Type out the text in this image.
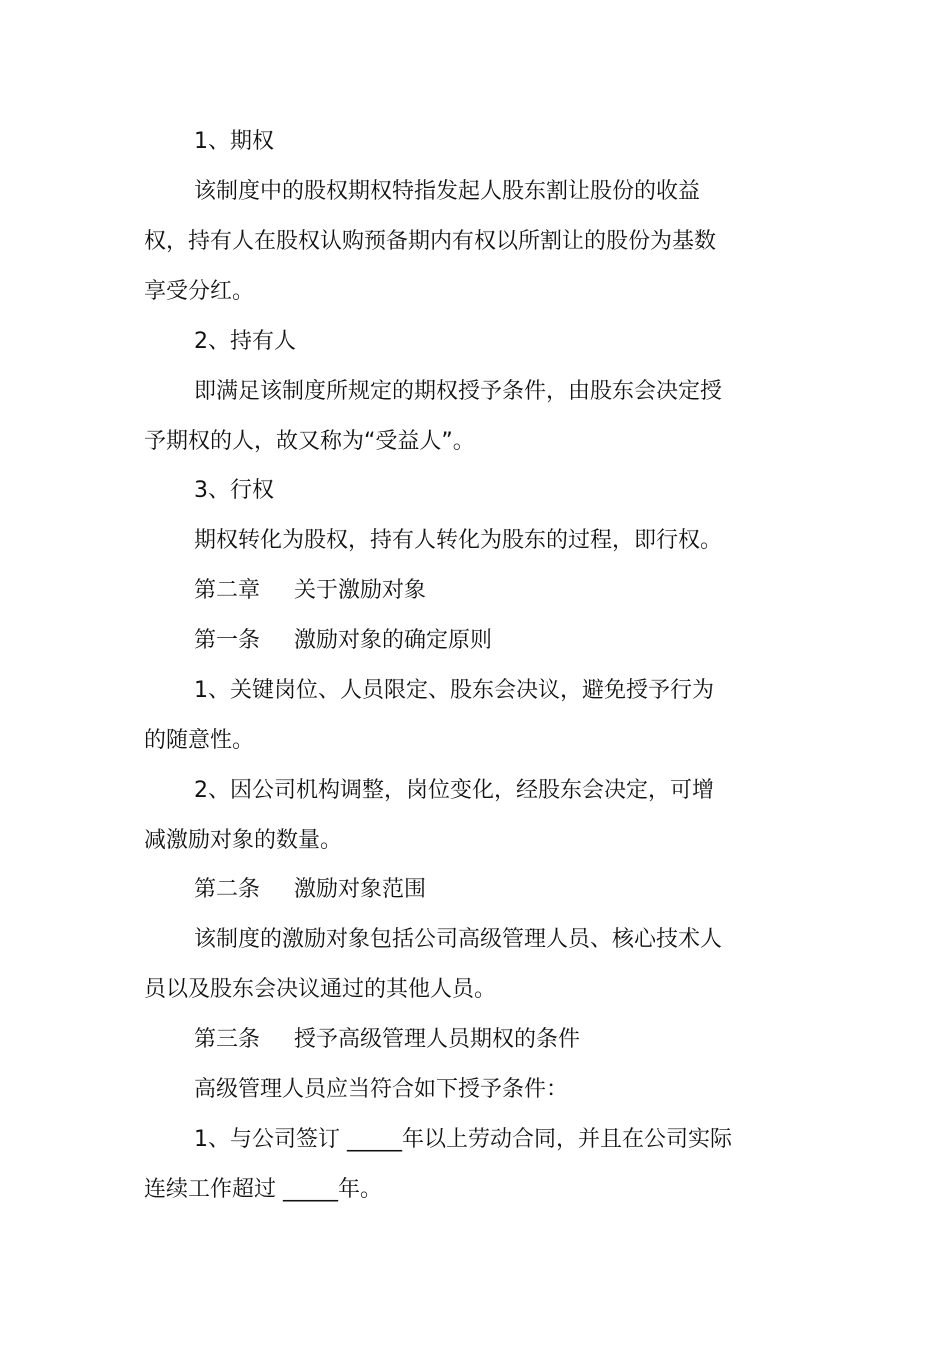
1、期权
该制度中的股权期权特指发起人股东割让股份的收益
权，持有人在股权认购预备期内有权以所割让的股份为基数
享受分红。
2、持有人
即满足该制度所规定的期权授予条件，由股东会决定授
予期权的人，故又称为“受益人”。
3、行权
期权转化为股权，持有人转化为股东的过程，即行权。
第二章 关于激励对象
第一条 激励对象的确定原则
1、关键岗位、人员限定、股东会决议，避免授予行为
的随意性。
2、因公司机构调整，岗位变化，经股东会决定，可增
减激励对象的数量。
第二条 激励对象范围
该制度的激励对象包括公司高级管理人员、核心技术人
员以及股东会决议通过的其他人员。
第三条 授予高级管理人员期权的条件
高级管理人员应当符合如下授予条件：
1、与公司签订 _____年以上劳动合同，并且在公司实际
连续工作超过 _____年。
